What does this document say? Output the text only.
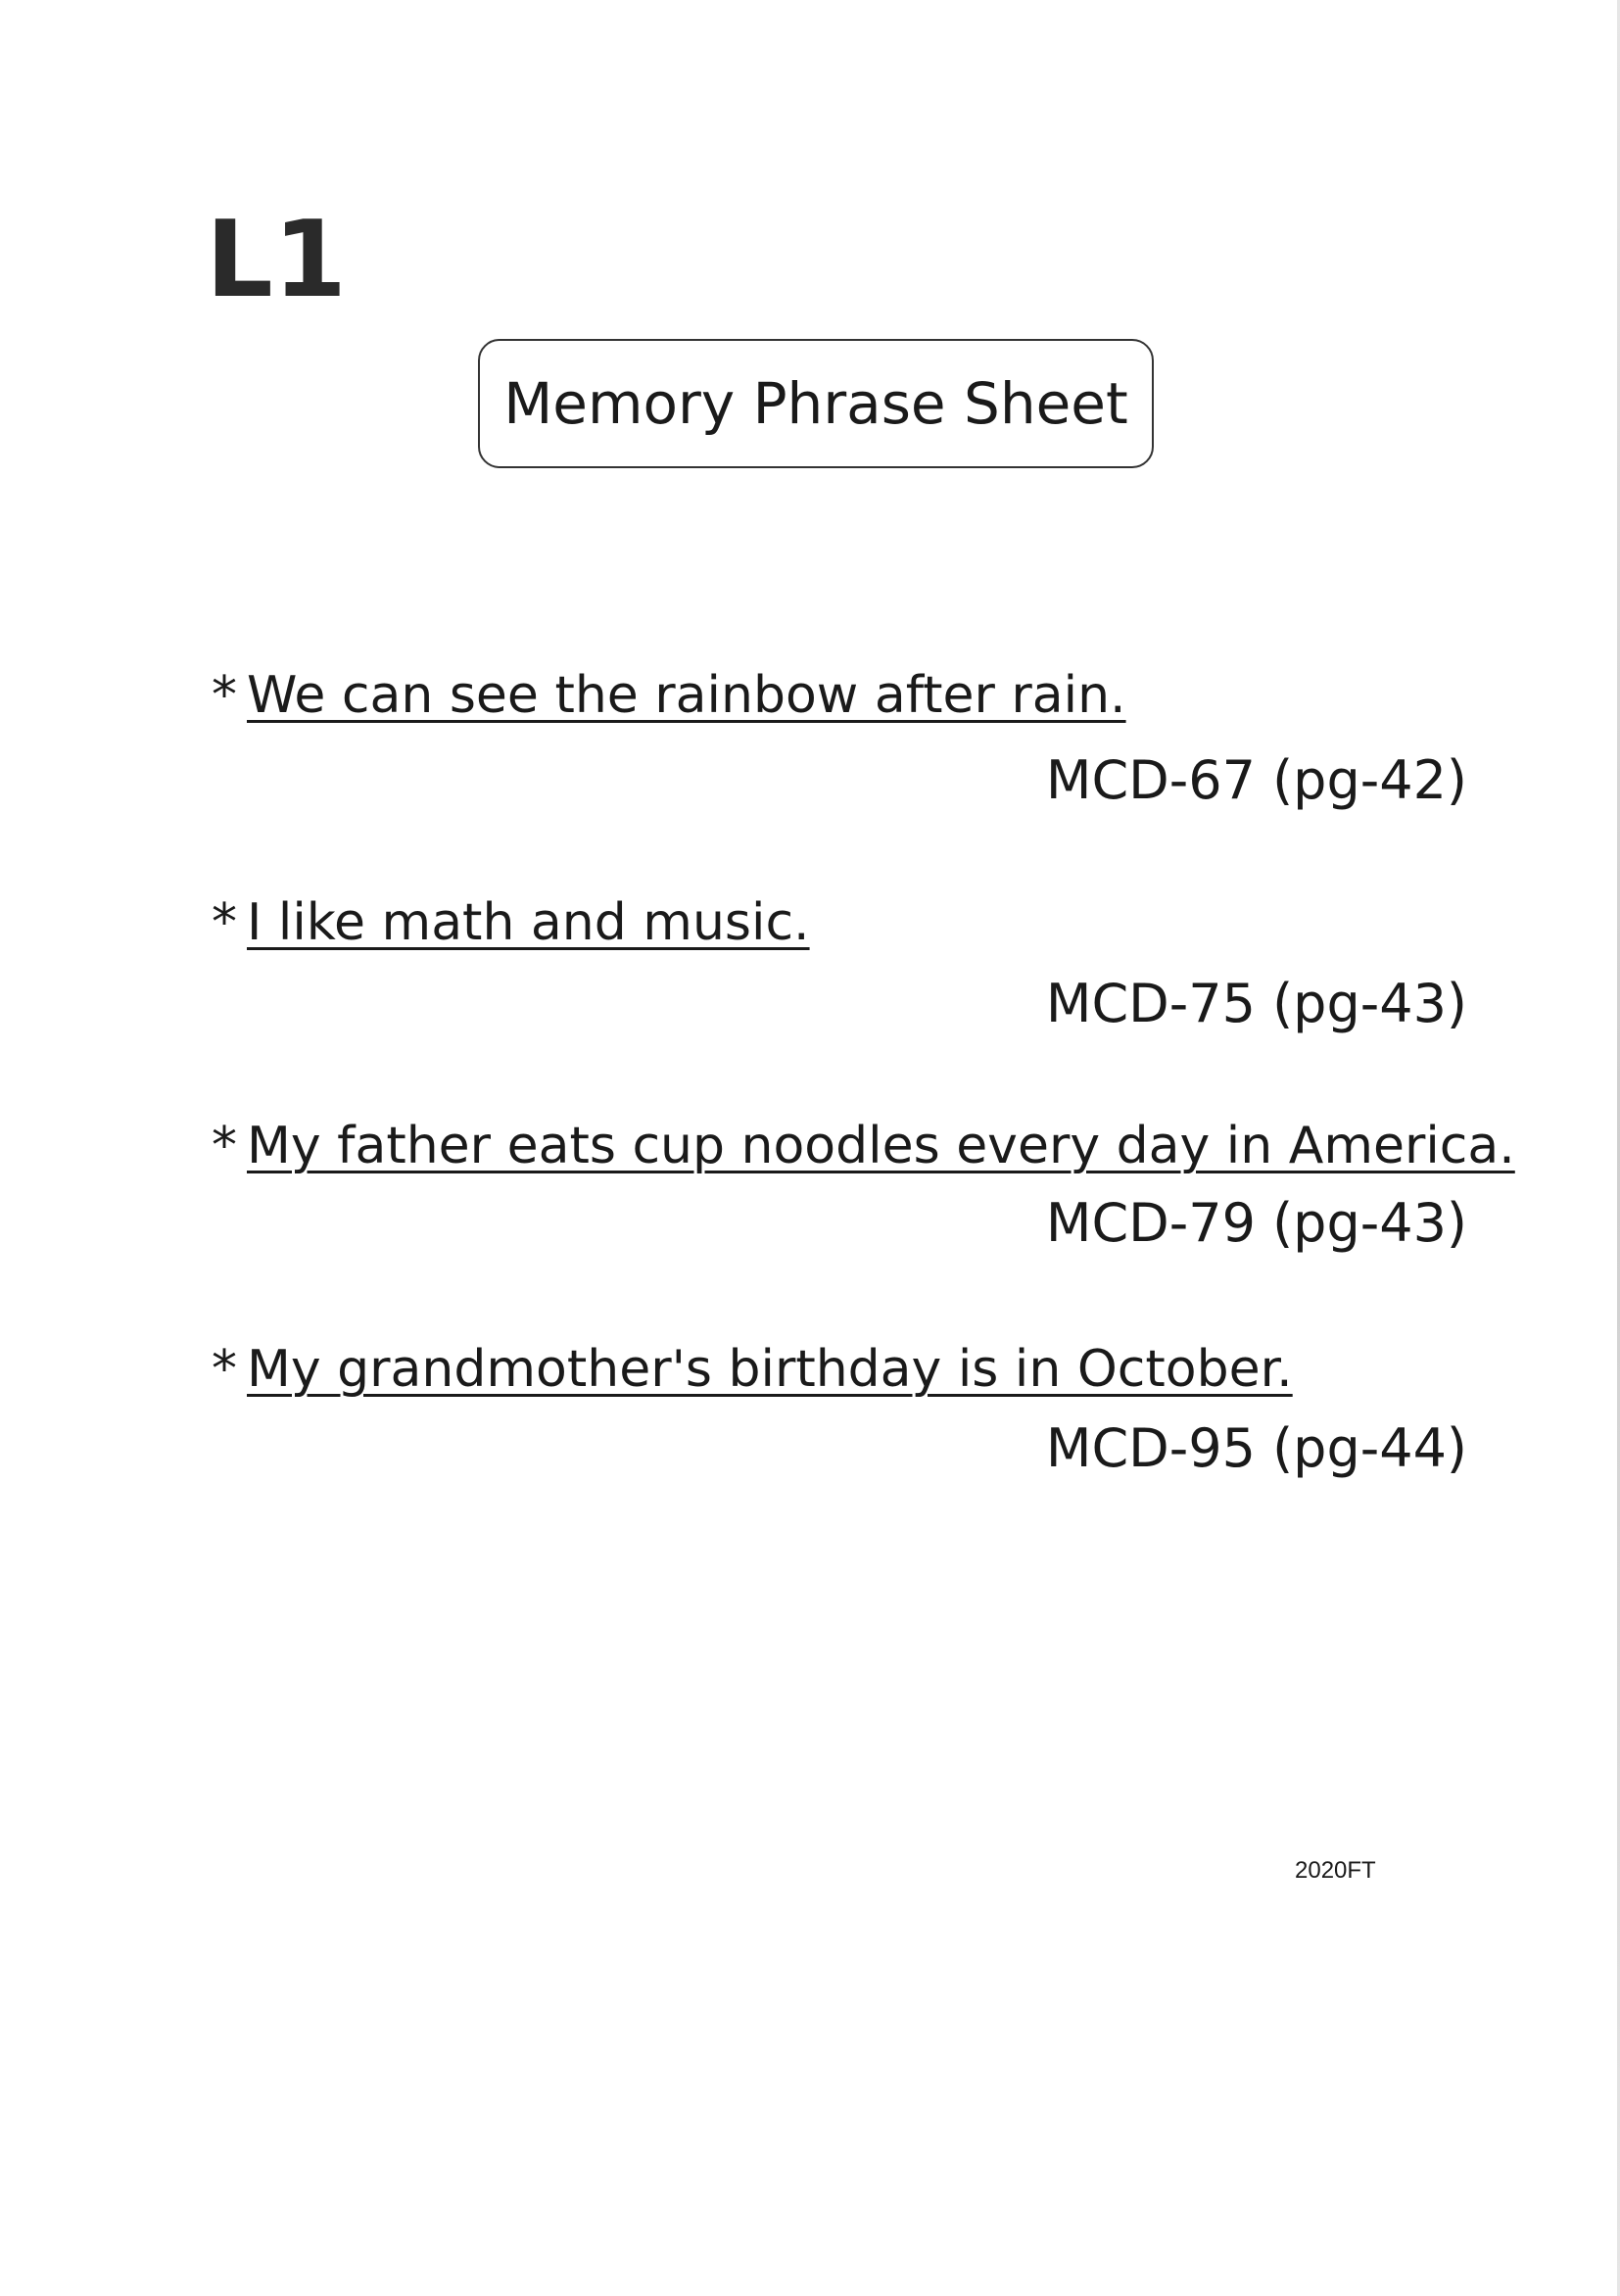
L1
Memory Phrase Sheet
* We can see the rainbow after rain.
MCD-67 (pg-42)
* I like math and music.
MCD-75 (pg-43)
* My father eats cup noodles every day in America.
MCD-79 (pg-43)
* My grandmother's birthday is in October.
MCD-95 (pg-44)
2020FT
